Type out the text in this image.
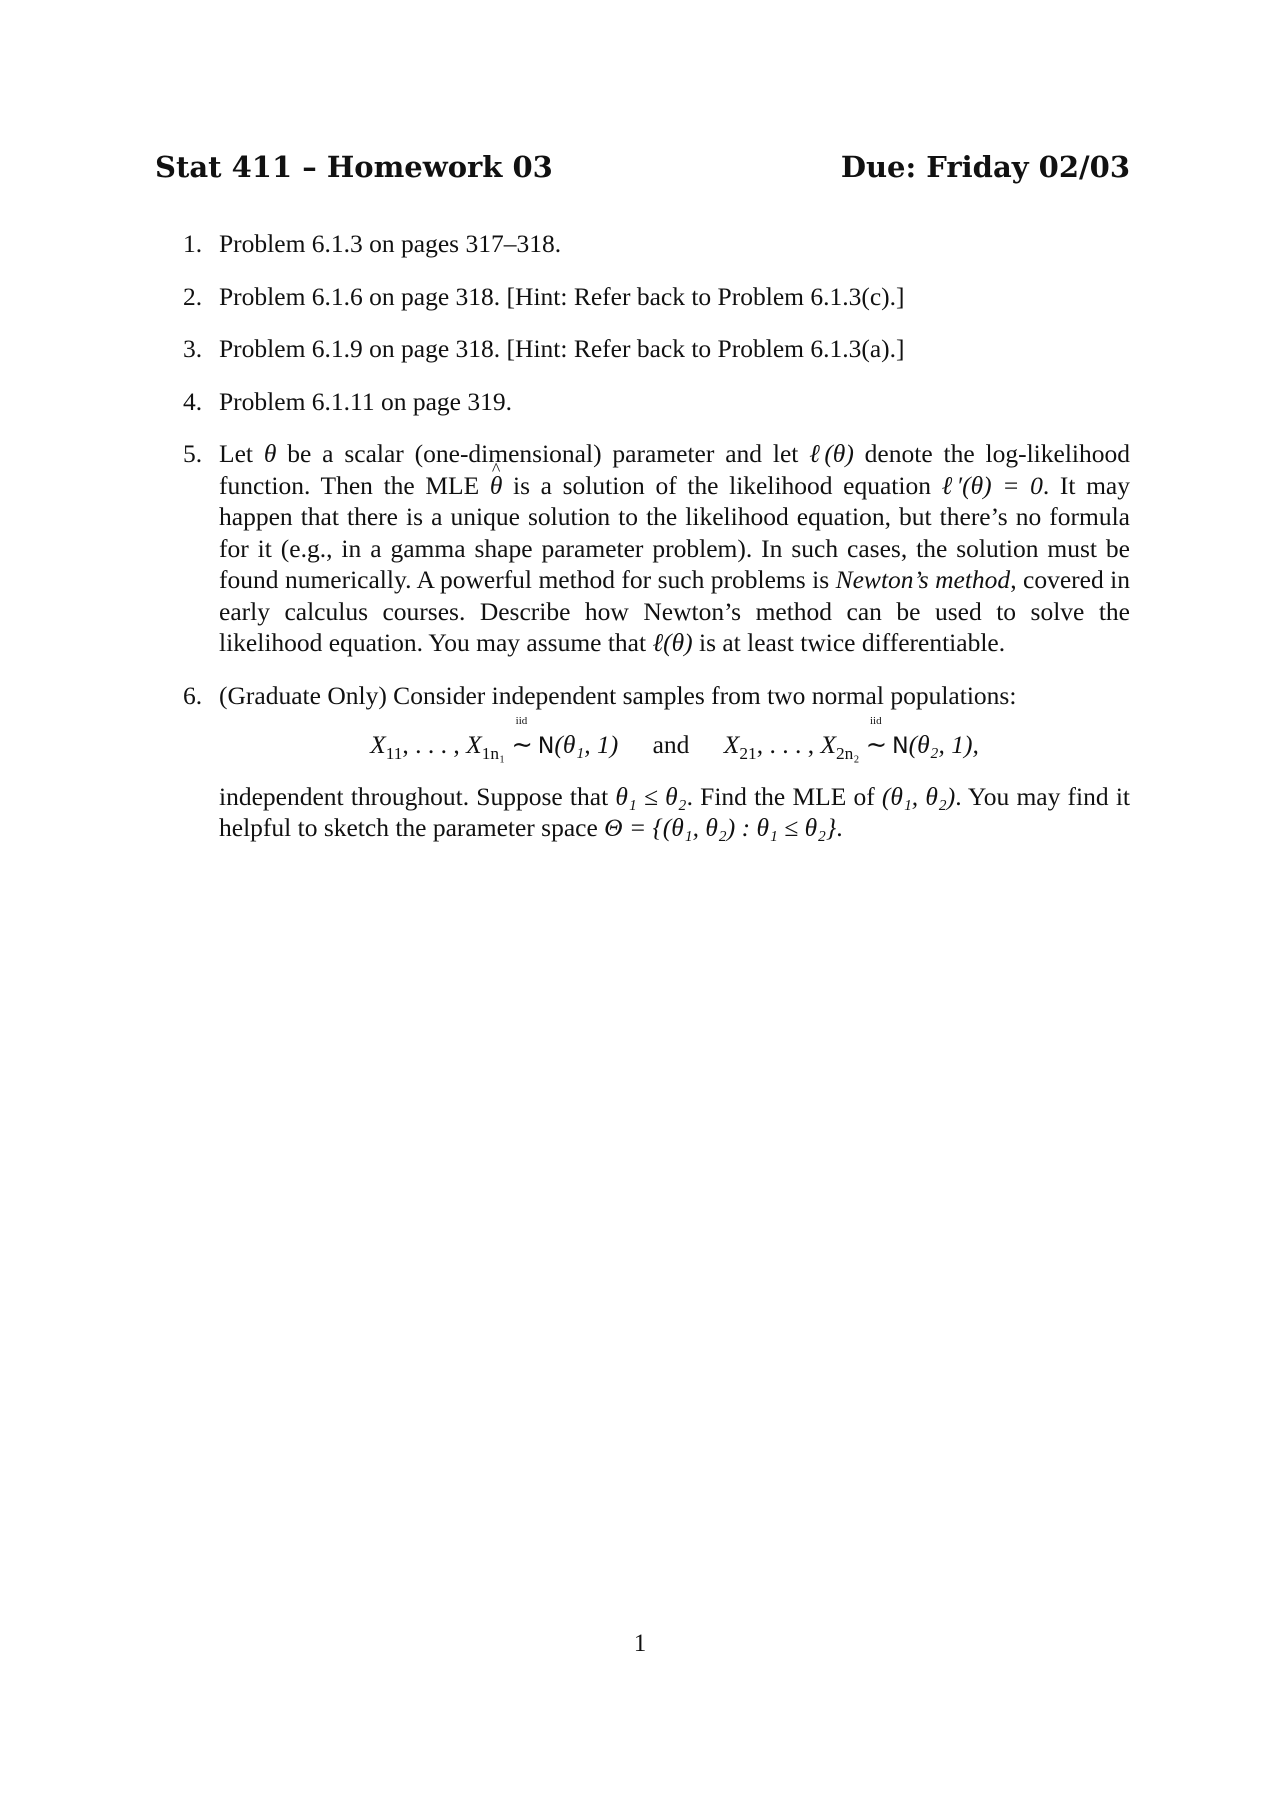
Stat 411 – Homework 03	Due: Friday 02/03
1. Problem 6.1.3 on pages 317–318.
2. Problem 6.1.6 on page 318. [Hint: Refer back to Problem 6.1.3(c).]
3. Problem 6.1.9 on page 318. [Hint: Refer back to Problem 6.1.3(a).]
4. Problem 6.1.11 on page 319.
5. Let θ be a scalar (one-dimensional) parameter and let ℓ(θ) denote the log-likelihood function. Then the MLE ^ θ is a solution of the likelihood equation ℓ′(θ) = 0. It may happen that there is a unique solution to the likelihood equation, but there’s no formula for it (e.g., in a gamma shape parameter problem). In such cases, the solution must be found numerically. A powerful method for such problems is Newton’s method, covered in early calculus courses. Describe how Newton’s method can be used to solve the likelihood equation. You may assume that ℓ(θ) is at least twice differentiable.
6. (Graduate Only) Consider independent samples from two normal populations:
$X_{11}$, . . . , $X_{1n_1}$
iid
∼ N(θ₁, 1) and $X_{21}$, . . . , $X_{2n_2}$
iid
∼ N(θ₂, 1),
independent throughout. Suppose that θ₁ ≤ θ₂. Find the MLE of (θ₁, θ₂). You may find it helpful to sketch the parameter space Θ = {(θ₁, θ₂) : θ₁ ≤ θ₂}.
1
